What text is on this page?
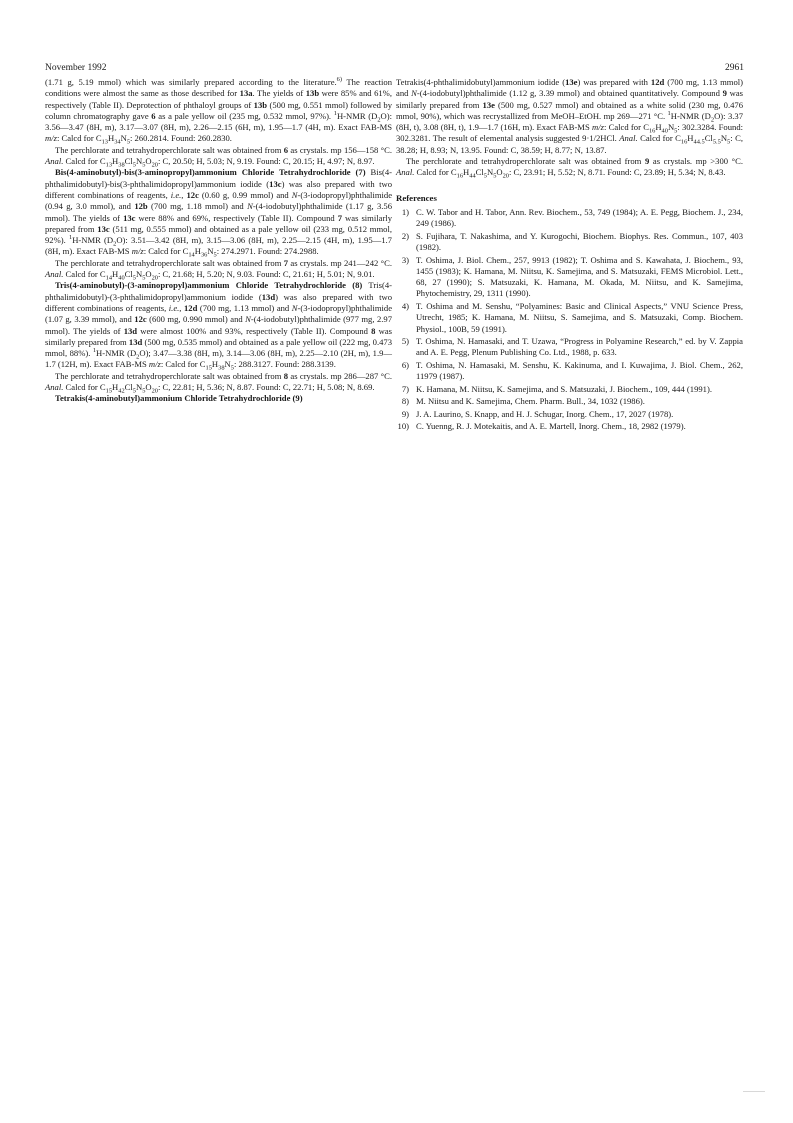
November 1992	2961

(1.71 g, 5.19 mmol) which was similarly prepared according to the literature.$^{6)}$ The reaction conditions were almost the same as those described for 13a. The yields of 13b were 85% and 61%, respectively (Table II). Deprotection of phthaloyl groups of 13b (500 mg, 0.551 mmol) followed by column chromatography gave 6 as a pale yellow oil (235 mg, 0.532 mmol, 97%). $^1$H-NMR $(D_2O)$: 3.56—3.47 (8H, m), 3.17—3.07 (8H, m), 2.26—2.15 (6H, m), 1.95—1.7 (4H, m). Exact FAB-MS m/z: Calcd for $C_{13}H_{34}N_5$: 260.2814. Found: 260.2830.

The perchlorate and tetrahydroperchlorate salt was obtained from 6 as crystals. mp 156—158 °C. Anal. Calcd for $C_{13}H_{38}Cl_5N_5O_{20}$: C, 20.50; H, 5.03; N, 9.19. Found: C, 20.15; H, 4.97; N, 8.97.

Bis(4-aminobutyl)-bis(3-aminopropyl)ammonium Chloride Tetrahydrochloride (7) Bis(4-phthalimidobutyl)-bis(3-phthalimidopropyl)ammonium iodide (13c) was also prepared with two different combinations of reagents, i.e., 12c (0.60 g, 0.99 mmol) and N-(3-iodopropyl)phthalimide (0.94 g, 3.0 mmol), and 12b (700 mg, 1.18 mmol) and N-(4-iodobutyl)phthalimide (1.17 g, 3.56 mmol). The yields of 13c were 88% and 69%, respectively (Table II). Compound 7 was similarly prepared from 13c (511 mg, 0.555 mmol) and obtained as a pale yellow oil (233 mg, 0.512 mmol, 92%). $^1$H-NMR $(D_2O)$: 3.51—3.42 (8H, m), 3.15—3.06 (8H, m), 2.25—2.15 (4H, m), 1.95—1.7 (8H, m). Exact FAB-MS m/z: Calcd for $C_{14}H_{36}N_5$: 274.2971. Found: 274.2988.

The perchlorate and tetrahydroperchlorate salt was obtained from 7 as crystals. mp 241—242 °C. Anal. Calcd for $C_{14}H_{40}Cl_5N_5O_{20}$: C, 21.68; H, 5.20; N, 9.03. Found: C, 21.61; H, 5.01; N, 9.01.

Tris(4-aminobutyl)-(3-aminopropyl)ammonium Chloride Tetrahydrochloride (8) Tris(4-phthalimidobutyl)-(3-phthalimidopropyl)ammonium iodide (13d) was also prepared with two different combinations of reagents, i.e., 12d (700 mg, 1.13 mmol) and N-(3-iodopropyl)phthalimide (1.07 g, 3.39 mmol), and 12c (600 mg, 0.990 mmol) and N-(4-iodobutyl)phthalimide (977 mg, 2.97 mmol). The yields of 13d were almost 100% and 93%, respectively (Table II). Compound 8 was similarly prepared from 13d (500 mg, 0.535 mmol) and obtained as a pale yellow oil (222 mg, 0.473 mmol, 88%). $^1$H-NMR $(D_2O)$; 3.47—3.38 (8H, m), 3.14—3.06 (8H, m), 2.25—2.10 (2H, m), 1.9—1.7 (12H, m). Exact FAB-MS m/z: Calcd for $C_{15}H_{38}N_5$: 288.3127. Found: 288.3139.

The perchlorate and tetrahydroperchlorate salt was obtained from 8 as crystals. mp 286—287 °C. Anal. Calcd for $C_{15}H_{42}Cl_5N_5O_{20}$: C, 22.81; H, 5.36; N, 8.87. Found: C, 22.71; H, 5.08; N, 8.69.

Tetrakis(4-aminobutyl)ammonium Chloride Tetrahydrochloride (9)

Tetrakis(4-phthalimidobutyl)ammonium iodide (13e) was prepared with 12d (700 mg, 1.13 mmol) and N-(4-iodobutyl)phthalimide (1.12 g, 3.39 mmol) and obtained quantitatively. Compound 9 was similarly prepared from 13e (500 mg, 0.527 mmol) and obtained as a white solid (230 mg, 0.476 mmol, 90%), which was recrystallized from MeOH–EtOH. mp 269—271 °C. $^1$H-NMR $(D_2O)$: 3.37 (8H, t), 3.08 (8H, t), 1.9—1.7 (16H, m). Exact FAB-MS m/z: Calcd for $C_{16}H_{40}N_5$: 302.3284. Found: 302.3281. The result of elemental analysis suggested 9·1/2HCl. Anal. Calcd for $C_{16}H_{44.5}Cl_{5.5}N_5$: C, 38.28; H, 8.93; N, 13.95. Found: C, 38.59; H, 8.77; N, 13.87.

The perchlorate and tetrahydroperchlorate salt was obtained from 9 as crystals. mp >300 °C. Anal. Calcd for $C_{16}H_{44}Cl_5N_5O_{20}$: C, 23.91; H, 5.52; N, 8.71. Found: C, 23.89; H, 5.34; N, 8.43.

References
1) C. W. Tabor and H. Tabor, Ann. Rev. Biochem., 53, 749 (1984); A. E. Pegg, Biochem. J., 234, 249 (1986).
2) S. Fujihara, T. Nakashima, and Y. Kurogochi, Biochem. Biophys. Res. Commun., 107, 403 (1982).
3) T. Oshima, J. Biol. Chem., 257, 9913 (1982); T. Oshima and S. Kawahata, J. Biochem., 93, 1455 (1983); K. Hamana, M. Niitsu, K. Samejima, and S. Matsuzaki, FEMS Microbiol. Lett., 68, 27 (1990); S. Matsuzaki, K. Hamana, M. Okada, M. Niitsu, and K. Samejima, Phytochemistry, 29, 1311 (1990).
4) T. Oshima and M. Senshu, “Polyamines: Basic and Clinical Aspects,” VNU Science Press, Utrecht, 1985; K. Hamana, M. Niitsu, S. Samejima, and S. Matsuzaki, Comp. Biochem. Physiol., 100B, 59 (1991).
5) T. Oshima, N. Hamasaki, and T. Uzawa, “Progress in Polyamine Research,” ed. by V. Zappia and A. E. Pegg, Plenum Publishing Co. Ltd., 1988, p. 633.
6) T. Oshima, N. Hamasaki, M. Senshu, K. Kakinuma, and I. Kuwajima, J. Biol. Chem., 262, 11979 (1987).
7) K. Hamana, M. Niitsu, K. Samejima, and S. Matsuzaki, J. Biochem., 109, 444 (1991).
8) M. Niitsu and K. Samejima, Chem. Pharm. Bull., 34, 1032 (1986).
9) J. A. Laurino, S. Knapp, and H. J. Schugar, Inorg. Chem., 17, 2027 (1978).
10) C. Yuenng, R. J. Motekaitis, and A. E. Martell, Inorg. Chem., 18, 2982 (1979).
